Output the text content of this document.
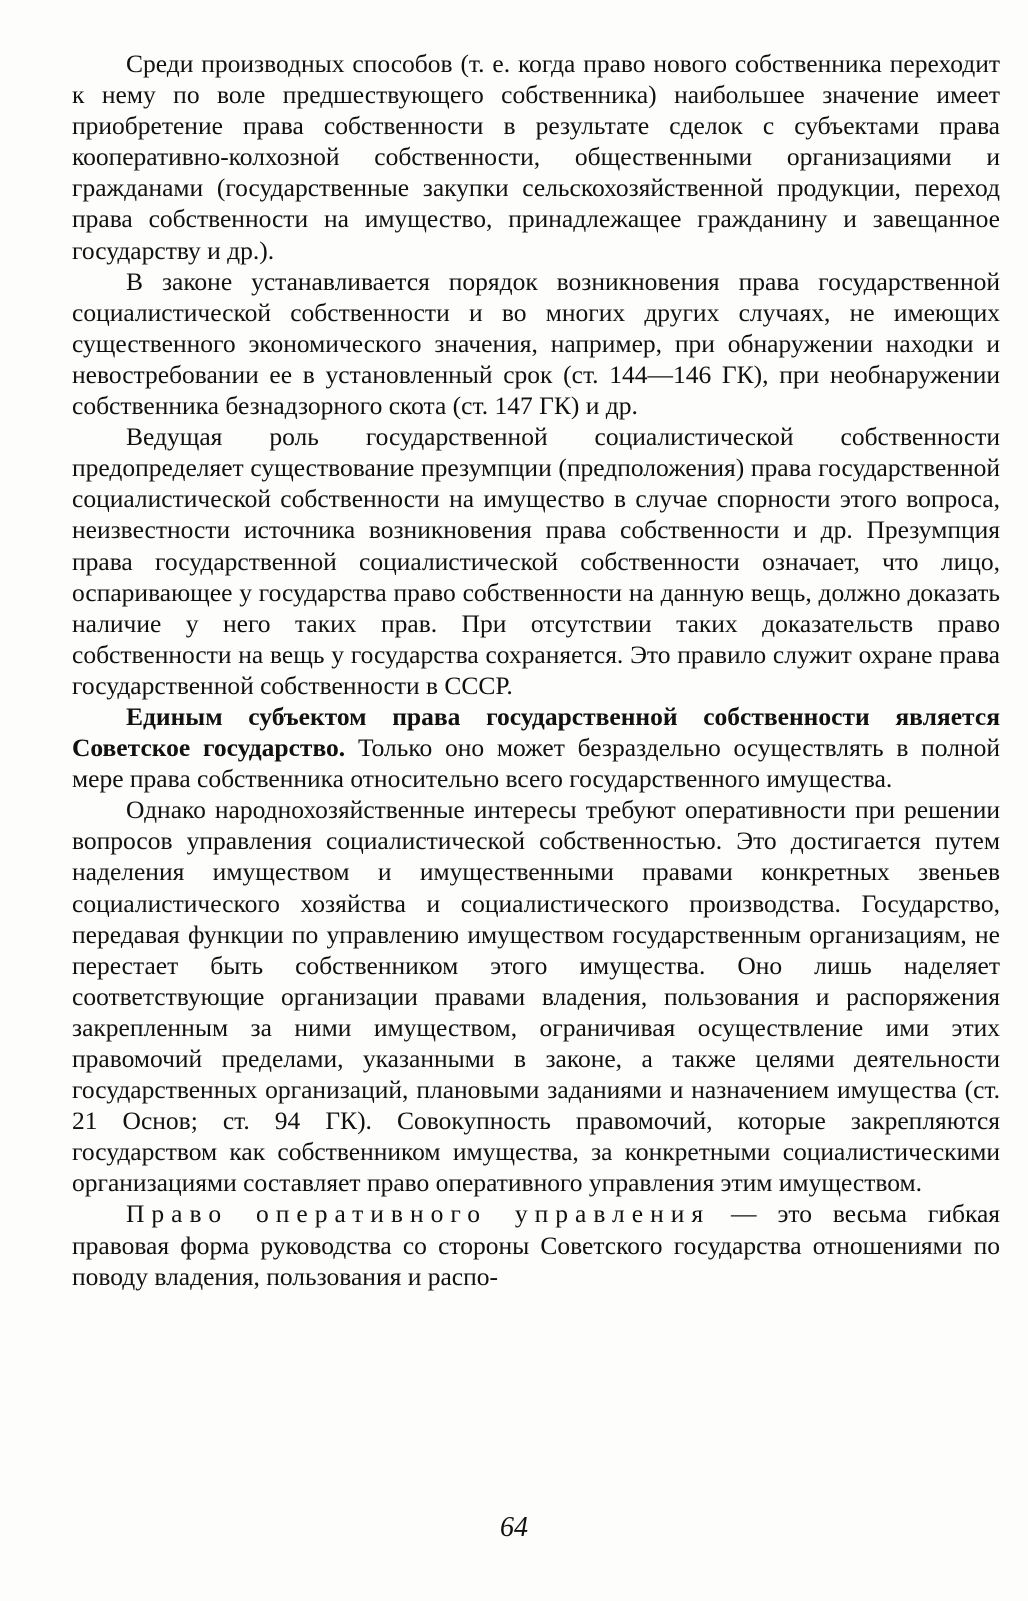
Среди производных способов (т. е. когда право нового собственника переходит к нему по воле предшествующего собственника) наибольшее значение имеет приобретение права собственности в результате сделок с субъектами права кооперативно-колхозной собственности, общественными организациями и гражданами (государственные закупки сельскохозяйственной продукции, переход права собственности на имущество, принадлежащее гражданину и завещанное государству и др.).

В законе устанавливается порядок возникновения права государственной социалистической собственности и во многих других случаях, не имеющих существенного экономического значения, например, при обнаружении находки и невостребовании ее в установленный срок (ст. 144—146 ГК), при необнаружении собственника безнадзорного скота (ст. 147 ГК) и др.

Ведущая роль государственной социалистической собственности предопределяет существование презумпции (предположения) права государственной социалистической собственности на имущество в случае спорности этого вопроса, неизвестности источника возникновения права собственности и др. Презумпция права государственной социалистической собственности означает, что лицо, оспаривающее у государства право собственности на данную вещь, должно доказать наличие у него таких прав. При отсутствии таких доказательств право собственности на вещь у государства сохраняется. Это правило служит охране права государственной собственности в СССР.

Единым субъектом права государственной собственности является Советское государство. Только оно может безраздельно осуществлять в полной мере права собственника относительно всего государственного имущества.

Однако народнохозяйственные интересы требуют оперативности при решении вопросов управления социалистической собственностью. Это достигается путем наделения имуществом и имущественными правами конкретных звеньев социалистического хозяйства и социалистического производства. Государство, передавая функции по управлению имуществом государственным организациям, не перестает быть собственником этого имущества. Оно лишь наделяет соответствующие организации правами владения, пользования и распоряжения закрепленным за ними имуществом, ограничивая осуществление ими этих правомочий пределами, указанными в законе, а также целями деятельности государственных организаций, плановыми заданиями и назначением имущества (ст. 21 Основ; ст. 94 ГК). Совокупность правомочий, которые закрепляются государством как собственником имущества, за конкретными социалистическими организациями составляет право оперативного управления этим имуществом.

Право оперативного управления — это весьма гибкая правовая форма руководства со стороны Советского государства отношениями по поводу владения, пользования и распо-

64
